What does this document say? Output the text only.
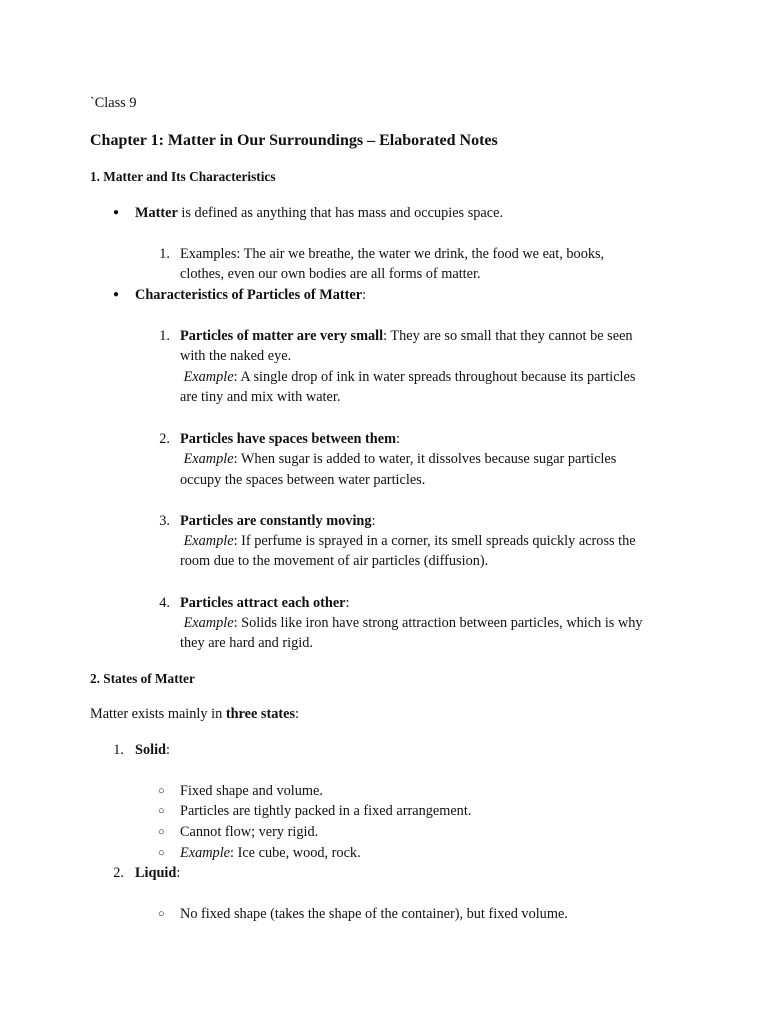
`Class 9
Chapter 1: Matter in Our Surroundings – Elaborated Notes
1. Matter and Its Characteristics
● Matter is defined as anything that has mass and occupies space.
1. Examples: The air we breathe, the water we drink, the food we eat, books,
clothes, even our own bodies are all forms of matter.
● Characteristics of Particles of Matter:
1. Particles of matter are very small: They are so small that they cannot be seen
with the naked eye.
Example: A single drop of ink in water spreads throughout because its particles
are tiny and mix with water.
2. Particles have spaces between them:
Example: When sugar is added to water, it dissolves because sugar particles
occupy the spaces between water particles.
3. Particles are constantly moving:
Example: If perfume is sprayed in a corner, its smell spreads quickly across the
room due to the movement of air particles (diffusion).
4. Particles attract each other:
Example: Solids like iron have strong attraction between particles, which is why
they are hard and rigid.
2. States of Matter
Matter exists mainly in three states:
1. Solid:
○ Fixed shape and volume.
○ Particles are tightly packed in a fixed arrangement.
○ Cannot flow; very rigid.
○ Example: Ice cube, wood, rock.
2. Liquid:
○ No fixed shape (takes the shape of the container), but fixed volume.
